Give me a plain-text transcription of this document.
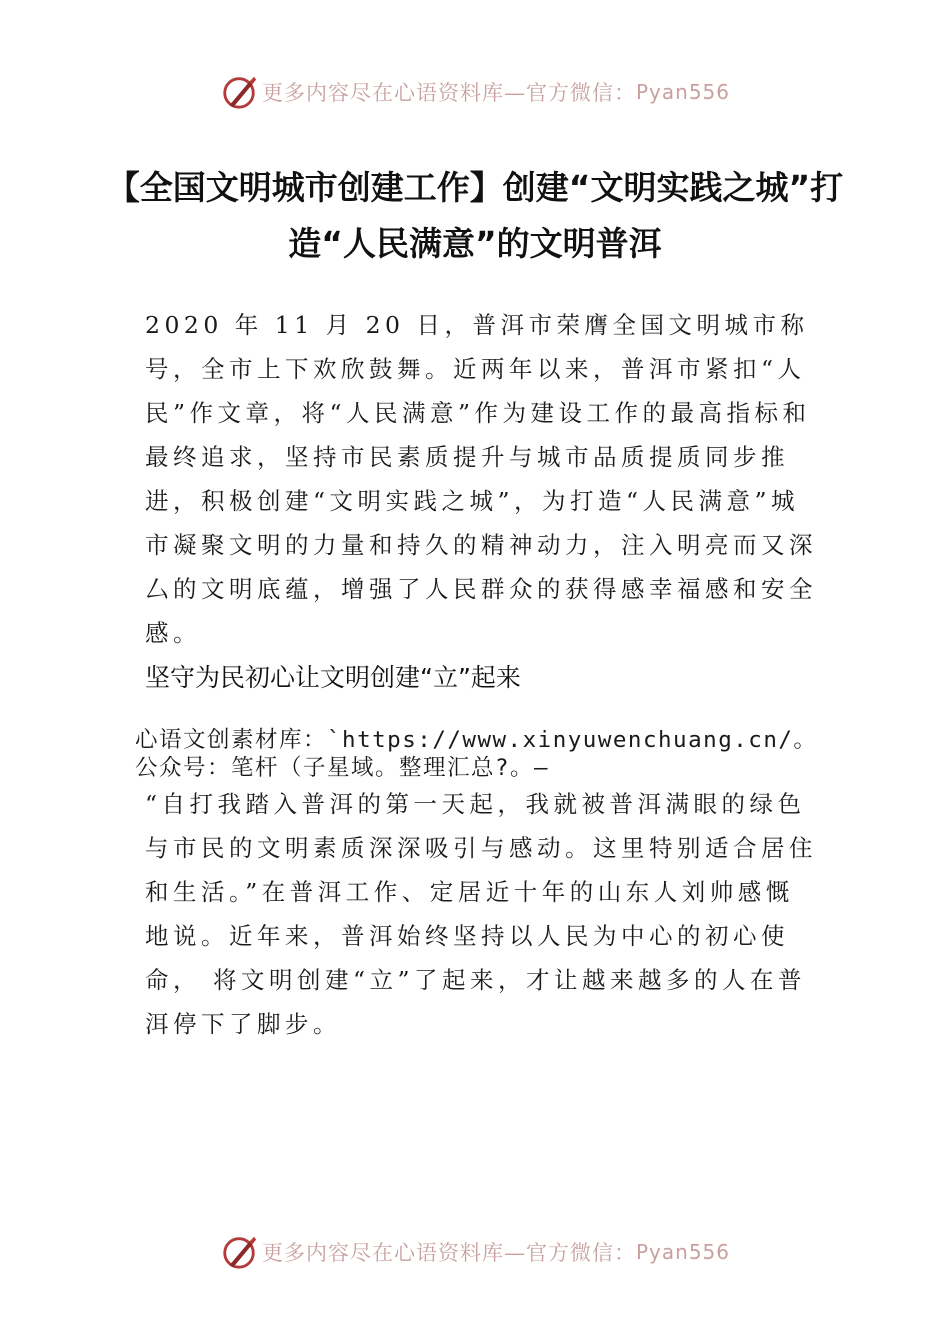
更多内容尽在心语资料库—官方微信： Pyan556
【全国文明城市创建工作】创建“文明实践之城”打造“人民满意”的文明普洱

2020 年 11 月 20 日，普洱市荣膺全国文明城市称号，全市上下欢欣鼓舞。近两年以来，普洱市紧扣“人民”作文章，将“人民满意”作为建设工作的最高指标和最终追求，坚持市民素质提升与城市品质提质同步推进，积极创建“文明实践之城”，为打造“人民满意”城市凝聚文明的力量和持久的精神动力，注入明亮而又深厶的文明底蕴，增强了人民群众的获得感幸福感和安全感。

坚守为民初心让文明创建“立”起来

心语文创素材库：`https://www.xinyuwenchuang.cn/。公众号：笔杆（子星域。整理汇总?。—

“自打我踏入普洱的第一天起，我就被普洱满眼的绿色与市民的文明素质深深吸引与感动。这里特别适合居住和生活。”在普洱工作、定居近十年的山东人刘帅感慨地说。近年来，普洱始终坚持以人民为中心的初心使命， 将文明创建“立”了起来，才让越来越多的人在普洱停下了脚步。

更多内容尽在心语资料库—官方微信： Pyan556
